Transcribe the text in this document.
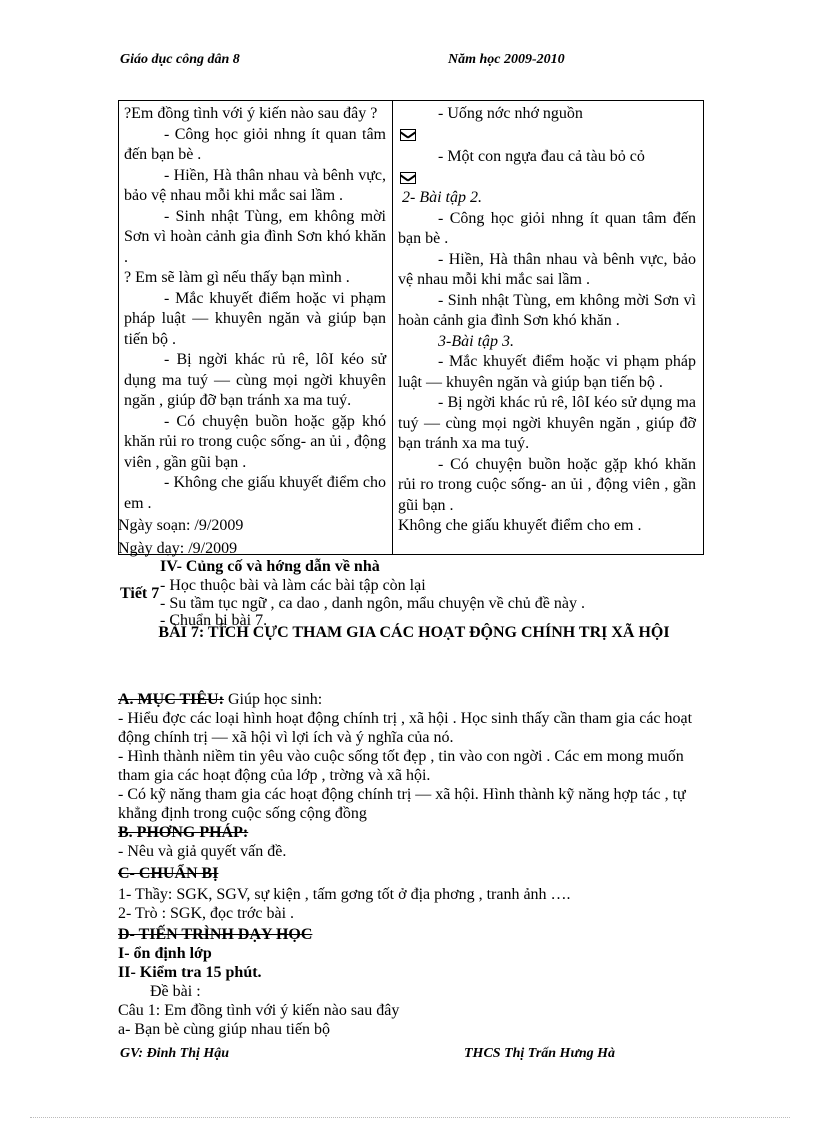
Giáo dục công dân 8	Năm học 2009-2010

?Em đồng tình với ý kiến nào sau đây ?

- Công học giỏi nhng ít quan tâm đến bạn bè .

- Hiền, Hà thân nhau và bênh vực, bảo vệ nhau mỗi khi mắc sai lầm .

- Sinh nhật Tùng, em không mời Sơn vì hoàn cảnh gia đình Sơn khó khăn .

? Em sẽ làm gì nếu thấy bạn mình .

- Mắc khuyết điểm hoặc vi phạm pháp luật — khuyên ngăn và giúp bạn tiến bộ .

- Bị ngời khác rủ rê, lôI kéo sử dụng ma tuý — cùng mọi ngời khuyên ngăn , giúp đỡ bạn tránh xa ma tuý.

- Có chuyện buồn hoặc gặp khó khăn rủi ro trong cuộc sống- an ủi , động viên , gần gũi bạn .

- Không che giấu khuyết điểm cho em .

- Uống nớc nhớ nguồn

- Một con ngựa đau cả tàu bỏ cỏ

2- Bài tập 2.

- Công học giỏi nhng ít quan tâm đến bạn bè .

- Hiền, Hà thân nhau và bênh vực, bảo vệ nhau mỗi khi mắc sai lầm .

- Sinh nhật Tùng, em không mời Sơn vì hoàn cảnh gia đình Sơn khó khăn .

3-Bài tập 3.

- Mắc khuyết điểm hoặc vi phạm pháp luật — khuyên ngăn và giúp bạn tiến bộ .

- Bị ngời khác rủ rê, lôI kéo sử dụng ma tuý — cùng mọi ngời khuyên ngăn , giúp đỡ bạn tránh xa ma tuý.

- Có chuyện buồn hoặc gặp khó khăn rủi ro trong cuộc sống- an ủi , động viên , gần gũi bạn .

Không che giấu khuyết điểm cho em .

Ngày soạn: /9/2009
Ngày dạy: /9/2009
IV- Củng cố và hớng dẫn về nhà
Tiết 7 - Học thuộc bài và làm các bài tập còn lại
- Su tầm tục ngữ , ca dao , danh ngôn, mẩu chuyện về chủ đề này .
- Chuẩn bị bài 7.
BÀI 7: TÍCH CỰC THAM GIA CÁC HOẠT ĐỘNG CHÍNH TRỊ XÃ HỘI

A. MỤC TIÊU: Giúp học sinh:

- Hiểu đợc các loại hình hoạt động chính trị , xã hội . Học sinh thấy cần tham gia các hoạt động chính trị — xã hội vì lợi ích và ý nghĩa của nó.

- Hình thành niềm tin yêu vào cuộc sống tốt đẹp , tin vào con ngời . Các em mong muốn tham gia các hoạt động của lớp , trờng và xã hội.

- Có kỹ năng tham gia các hoạt động chính trị — xã hội. Hình thành kỹ năng hợp tác , tự khẳng định trong cuộc sống cộng đồng

B. PHƠNG PHÁP:

- Nêu và giả quyết vấn đề.

C- CHUẨN BỊ

1- Thầy: SGK, SGV, sự kiện , tấm gơng tốt ở địa phơng , tranh ảnh ….

2- Trò : SGK, đọc trớc bài .

D- TIẾN TRÌNH DẠY HỌC

I- ổn định lớp

II- Kiểm tra 15 phút.

Đề bài :

Câu 1: Em đồng tình với ý kiến nào sau đây

a- Bạn bè cùng giúp nhau tiến bộ

GV: Đinh Thị Hậu	THCS Thị Trấn Hưng Hà
